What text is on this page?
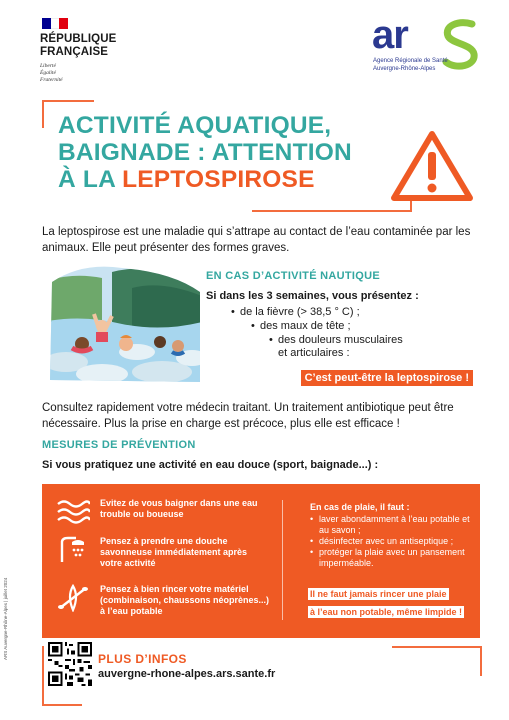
RÉPUBLIQUE
FRANÇAISE
Liberté
Égalité
Fraternité
ar
Agence Régionale de Santé
Auvergne-Rhône-Alpes
ACTIVITÉ AQUATIQUE,
BAIGNADE : ATTENTION
À LA LEPTOSPIROSE

La leptospirose est une maladie qui s’attrape au contact de l’eau contaminée par les animaux. Elle peut présenter des formes graves.

EN CAS D’ACTIVITÉ NAUTIQUE
Si dans les 3 semaines, vous présentez :
• de la fièvre (> 38,5 ° C) ;
• des maux de tête ;
• des douleurs musculaires
et articulaires :
C’est peut-être la leptospirose !

Consultez rapidement votre médecin traitant. Un traitement antibiotique peut être nécessaire. Plus la prise en charge est précoce, plus elle est efficace !

MESURES DE PRÉVENTION
Si vous pratiquez une activité en eau douce (sport, baignade...) :
Evitez de vous baigner dans une eau trouble ou boueuse
Pensez à prendre une douche savonneuse immédiatement après votre activité
Pensez à bien rincer votre matériel (combinaison, chaussons néoprènes...) à l’eau potable
En cas de plaie, il faut :
• laver abondamment à l’eau potable et au savon ;
• désinfecter avec un antiseptique ;
• protéger la plaie avec un pansement imperméable.
Il ne faut jamais rincer une plaie
à l’eau non potable, même limpide !
PLUS D’INFOS
auvergne-rhone-alpes.ars.sante.fr
ARS Auvergne-Rhône-Alpes | juillet 2024
